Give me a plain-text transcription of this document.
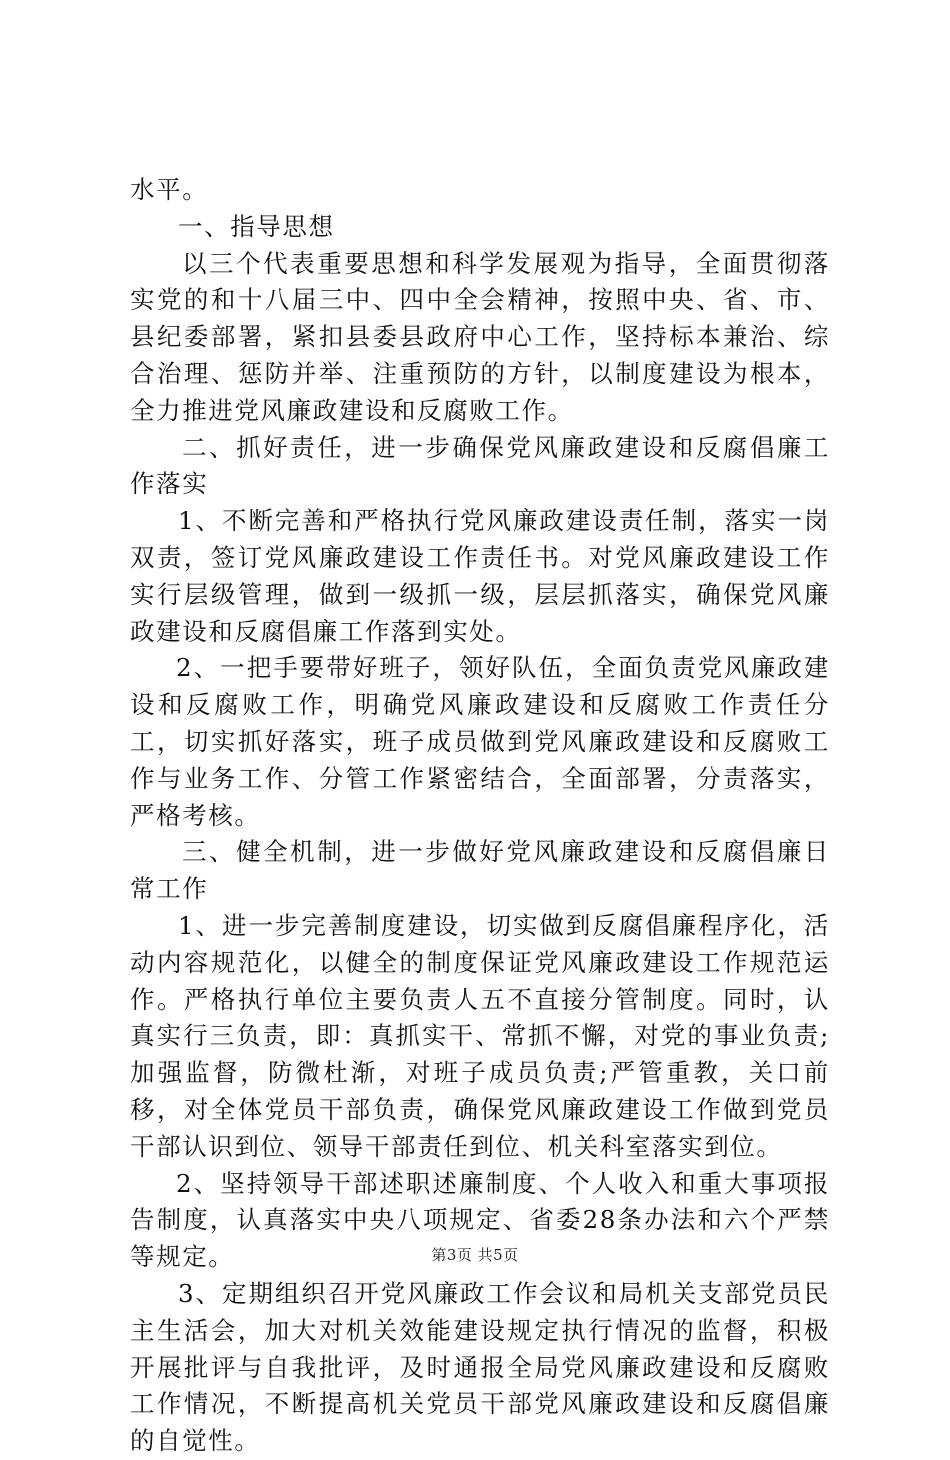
水平。

一、指导思想

以三个代表重要思想和科学发展观为指导，全面贯彻落实党的和十八届三中、四中全会精神，按照中央、省、市、县纪委部署，紧扣县委县政府中心工作，坚持标本兼治、综合治理、惩防并举、注重预防的方针，以制度建设为根本，全力推进党风廉政建设和反腐败工作。

二、抓好责任，进一步确保党风廉政建设和反腐倡廉工作落实

1、不断完善和严格执行党风廉政建设责任制，落实一岗双责，签订党风廉政建设工作责任书。对党风廉政建设工作实行层级管理，做到一级抓一级，层层抓落实，确保党风廉政建设和反腐倡廉工作落到实处。

2、一把手要带好班子，领好队伍，全面负责党风廉政建设和反腐败工作，明确党风廉政建设和反腐败工作责任分工，切实抓好落实，班子成员做到党风廉政建设和反腐败工作与业务工作、分管工作紧密结合，全面部署，分责落实，严格考核。

三、健全机制，进一步做好党风廉政建设和反腐倡廉日常工作

1、进一步完善制度建设，切实做到反腐倡廉程序化，活动内容规范化，以健全的制度保证党风廉政建设工作规范运作。严格执行单位主要负责人五不直接分管制度。同时，认真实行三负责，即：真抓实干、常抓不懈，对党的事业负责;加强监督，防微杜渐，对班子成员负责;严管重教，关口前移，对全体党员干部负责，确保党风廉政建设工作做到党员干部认识到位、领导干部责任到位、机关科室落实到位。

2、坚持领导干部述职述廉制度、个人收入和重大事项报告制度，认真落实中央八项规定、省委28条办法和六个严禁等规定。

3、定期组织召开党风廉政工作会议和局机关支部党员民主生活会，加大对机关效能建设规定执行情况的监督，积极开展批评与自我批评，及时通报全局党风廉政建设和反腐败工作情况，不断提高机关党员干部党风廉政建设和反腐倡廉的自觉性。

第3页 共5页
